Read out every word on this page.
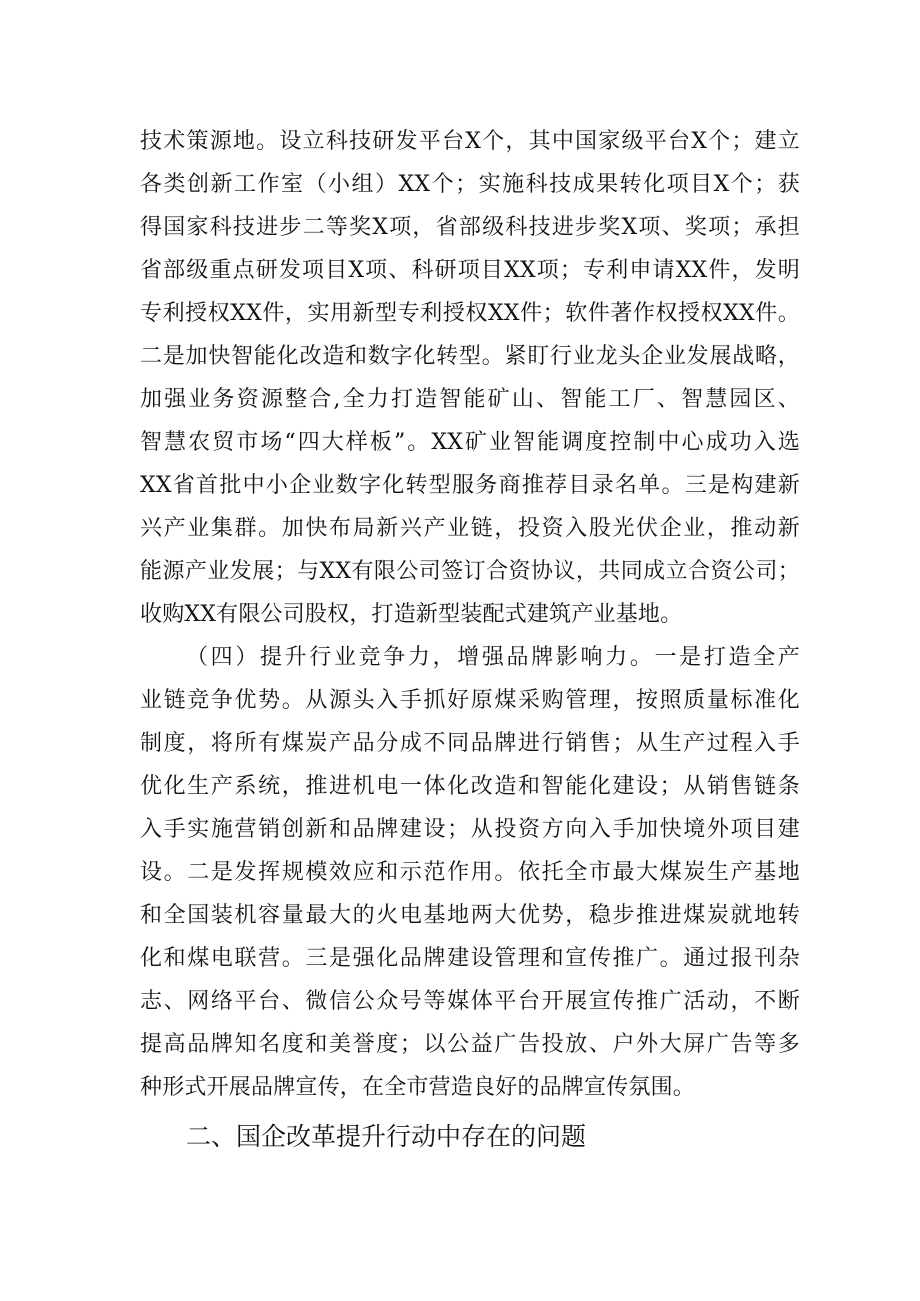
技术策源地。设立科技研发平台X个，其中国家级平台X个；建立
各类创新工作室（小组）XX个；实施科技成果转化项目X个；获
得国家科技进步二等奖X项，省部级科技进步奖X项、奖项；承担
省部级重点研发项目X项、科研项目XX项；专利申请XX件，发明
专利授权XX件，实用新型专利授权XX件；软件著作权授权XX件。
二是加快智能化改造和数字化转型。紧盯行业龙头企业发展战略，
加强业务资源整合,全力打造智能矿山、智能工厂、智慧园区、
智慧农贸市场“四大样板”。XX矿业智能调度控制中心成功入选
XX省首批中小企业数字化转型服务商推荐目录名单。三是构建新
兴产业集群。加快布局新兴产业链，投资入股光伏企业，推动新
能源产业发展；与XX有限公司签订合资协议，共同成立合资公司；
收购XX有限公司股权，打造新型装配式建筑产业基地。
（四）提升行业竞争力，增强品牌影响力。一是打造全产
业链竞争优势。从源头入手抓好原煤采购管理，按照质量标准化
制度，将所有煤炭产品分成不同品牌进行销售；从生产过程入手
优化生产系统，推进机电一体化改造和智能化建设；从销售链条
入手实施营销创新和品牌建设；从投资方向入手加快境外项目建
设。二是发挥规模效应和示范作用。依托全市最大煤炭生产基地
和全国装机容量最大的火电基地两大优势，稳步推进煤炭就地转
化和煤电联营。三是强化品牌建设管理和宣传推广。通过报刊杂
志、网络平台、微信公众号等媒体平台开展宣传推广活动，不断
提高品牌知名度和美誉度；以公益广告投放、户外大屏广告等多
种形式开展品牌宣传，在全市营造良好的品牌宣传氛围。
二、国企改革提升行动中存在的问题
